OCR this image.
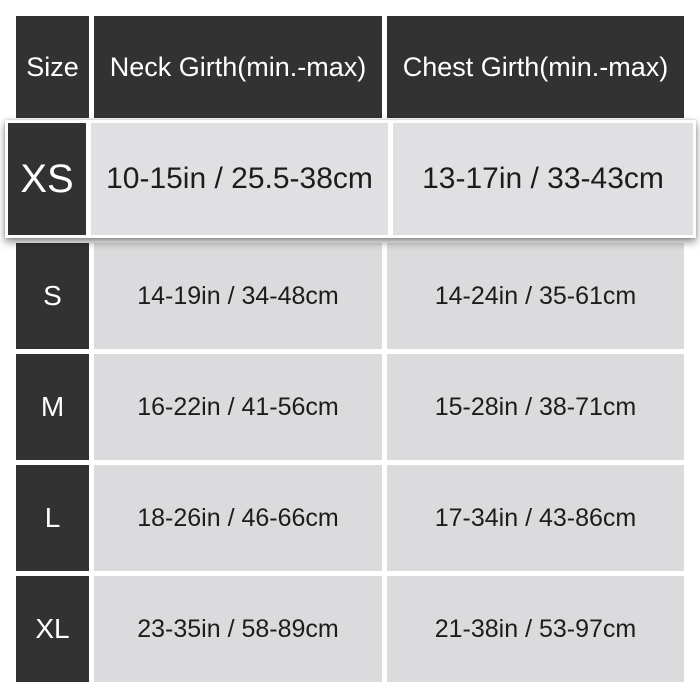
Size	Neck Girth(min.-max)	Chest Girth(min.-max)
XS	10-15in / 25.5-38cm	13-17in / 33-43cm
S	14-19in / 34-48cm	14-24in / 35-61cm
M	16-22in / 41-56cm	15-28in / 38-71cm
L	18-26in / 46-66cm	17-34in / 43-86cm
XL	23-35in / 58-89cm	21-38in / 53-97cm
